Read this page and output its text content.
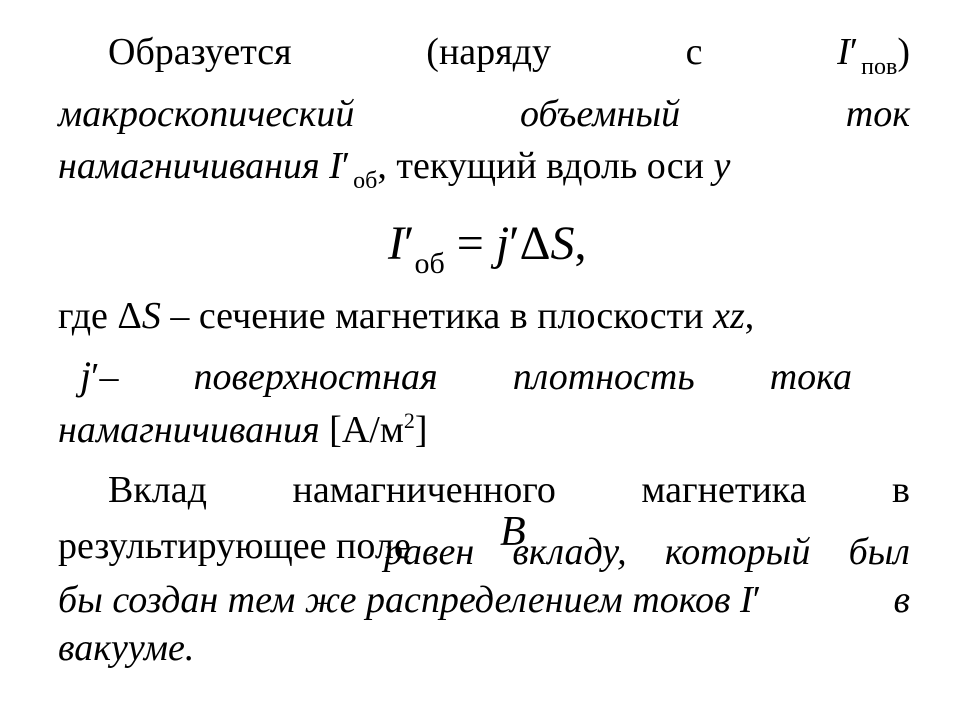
Образуется	(наряду	с	I′ $_{пов}$)
макроскопический	объемный	ток
намагничивания I′ $_{об}$, текущий вдоль оси y
$I'_{об} = j'\Delta S$,
где ΔS – сечение магнетика в плоскости xz,
j′– поверхностная плотность тока
намагничивания $[А/м^2]$
Вклад намагниченного магнетика в
результирующее поле	B
равен вкладу, который был
бы создан тем же распределением токов I′	в
вакууме.
